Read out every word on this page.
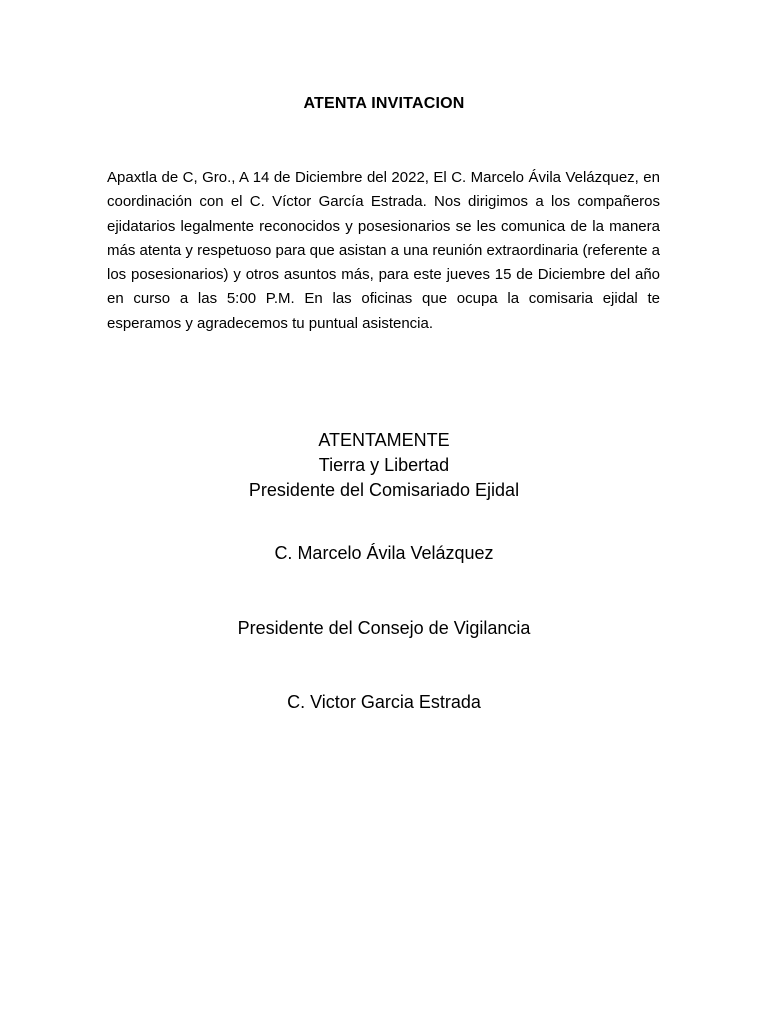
ATENTA INVITACION
Apaxtla de C, Gro., A 14 de Diciembre del 2022, El C. Marcelo Ávila Velázquez, en coordinación con el C. Víctor García Estrada. Nos dirigimos a los compañeros ejidatarios legalmente reconocidos y posesionarios se les comunica de la manera más atenta y respetuoso para que asistan a una reunión extraordinaria (referente a los posesionarios) y otros asuntos más, para este jueves 15 de Diciembre del año en curso a las 5:00 P.M. En las oficinas que ocupa la comisaria ejidal te esperamos y agradecemos tu puntual asistencia.
ATENTAMENTE
Tierra y Libertad
Presidente del Comisariado Ejidal
C. Marcelo Ávila Velázquez
Presidente del Consejo de Vigilancia
C. Victor Garcia Estrada
